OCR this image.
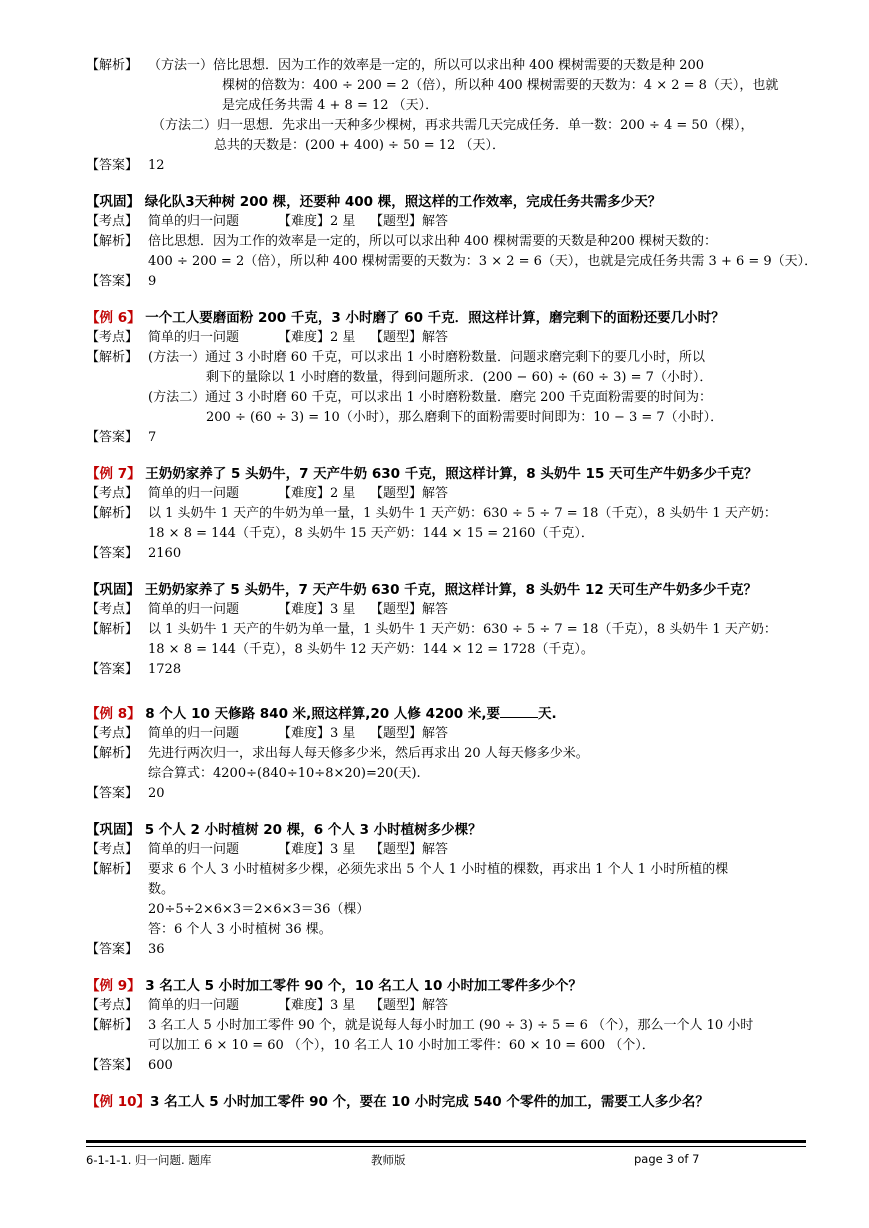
【解析】 （方法一）倍比思想．因为工作的效率是一定的，所以可以求出种 400 棵树需要的天数是种 200
棵树的倍数为：400 ÷ 200 = 2（倍），所以种 400 棵树需要的天数为：4 × 2 = 8（天），也就
是完成任务共需 4 + 8 = 12 （天）．
（方法二）归一思想．先求出一天种多少棵树，再求共需几天完成任务．单一数：200 ÷ 4 = 50（棵），
总共的天数是：(200 + 400) ÷ 50 = 12 （天）．
【答案】 12
【巩固】 绿化队3天种树 200 棵，还要种 400 棵，照这样的工作效率，完成任务共需多少天？
【考点】 简单的归一问题	【难度】2 星 【题型】解答
【解析】 倍比思想．因为工作的效率是一定的，所以可以求出种 400 棵树需要的天数是种200 棵树天数的：
400 ÷ 200 = 2（倍），所以种 400 棵树需要的天数为：3 × 2 = 6（天），也就是完成任务共需 3 + 6 = 9（天）．
【答案】 9
【例 6】 一个工人要磨面粉 200 千克，3 小时磨了 60 千克．照这样计算，磨完剩下的面粉还要几小时？
【考点】 简单的归一问题	【难度】2 星 【题型】解答
【解析】 (方法一）通过 3 小时磨 60 千克，可以求出 1 小时磨粉数量．问题求磨完剩下的要几小时，所以
剩下的量除以 1 小时磨的数量，得到问题所求．(200 − 60) ÷ (60 ÷ 3) = 7（小时）．
(方法二）通过 3 小时磨 60 千克，可以求出 1 小时磨粉数量．磨完 200 千克面粉需要的时间为：
200 ÷ (60 ÷ 3) = 10（小时），那么磨剩下的面粉需要时间即为：10 − 3 = 7（小时）．
【答案】 7
【例 7】 王奶奶家养了 5 头奶牛，7 天产牛奶 630 千克，照这样计算，8 头奶牛 15 天可生产牛奶多少千克？
【考点】 简单的归一问题	【难度】2 星 【题型】解答
【解析】 以 1 头奶牛 1 天产的牛奶为单一量，1 头奶牛 1 天产奶：630 ÷ 5 ÷ 7 = 18（千克），8 头奶牛 1 天产奶：
18 × 8 = 144（千克），8 头奶牛 15 天产奶：144 × 15 = 2160（千克）．
【答案】 2160
【巩固】 王奶奶家养了 5 头奶牛，7 天产牛奶 630 千克，照这样计算，8 头奶牛 12 天可生产牛奶多少千克？
【考点】 简单的归一问题	【难度】3 星 【题型】解答
【解析】 以 1 头奶牛 1 天产的牛奶为单一量，1 头奶牛 1 天产奶：630 ÷ 5 ÷ 7 = 18（千克），8 头奶牛 1 天产奶：
18 × 8 = 144（千克），8 头奶牛 12 天产奶：144 × 12 = 1728（千克）。
【答案】 1728
【例 8】 8 个人 10 天修路 840 米,照这样算,20 人修 4200 米,要	天.
【考点】 简单的归一问题	【难度】3 星 【题型】解答
【解析】 先进行两次归一，求出每人每天修多少米，然后再求出 20 人每天修多少米。
综合算式：4200÷(840÷10÷8×20)=20(天).
【答案】 20
【巩固】 5 个人 2 小时植树 20 棵，6 个人 3 小时植树多少棵？
【考点】 简单的归一问题	【难度】3 星 【题型】解答
【解析】 要求 6 个人 3 小时植树多少棵，必须先求出 5 个人 1 小时植的棵数，再求出 1 个人 1 小时所植的棵
数。
20÷5÷2×6×3＝2×6×3＝36（棵）
答：6 个人 3 小时植树 36 棵。
【答案】 36
【例 9】 3 名工人 5 小时加工零件 90 个，10 名工人 10 小时加工零件多少个？
【考点】 简单的归一问题	【难度】3 星 【题型】解答
【解析】 3 名工人 5 小时加工零件 90 个，就是说每人每小时加工 (90 ÷ 3) ÷ 5 = 6 （个），那么一个人 10 小时
可以加工 6 × 10 = 60 （个），10 名工人 10 小时加工零件：60 × 10 = 600 （个）．
【答案】 600
【例 10】3 名工人 5 小时加工零件 90 个，要在 10 小时完成 540 个零件的加工，需要工人多少名？
6-1-1-1. 归一问题. 题库	教师版	page 3 of 7
